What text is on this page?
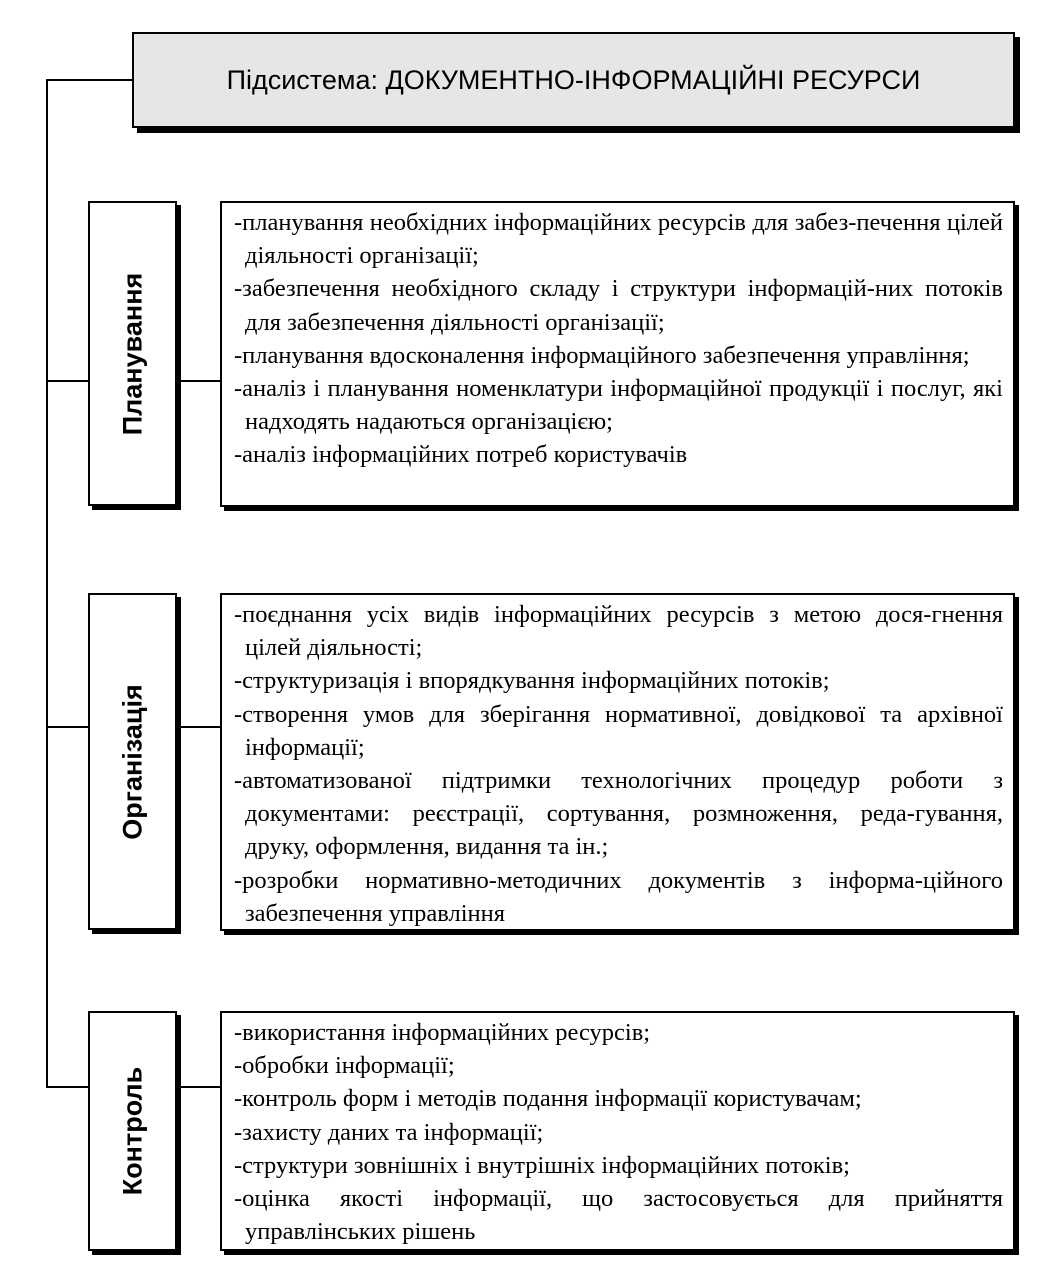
Підсистема: ДОКУМЕНТНО-ІНФОРМАЦІЙНІ РЕСУРСИ
Планування
-планування необхідних інформаційних ресурсів для забез-печення цілей діяльності організації;
-забезпечення необхідного складу і структури інформацій-них потоків для забезпечення діяльності організації;
-планування вдосконалення інформаційного забезпечення управління;
-аналіз і планування номенклатури інформаційної продукції і послуг, які надходять надаються організацією;
-аналіз інформаційних потреб користувачів
Організація
-поєднання усіх видів інформаційних ресурсів з метою дося-гнення цілей діяльності;
-структуризація і впорядкування інформаційних потоків;
-створення умов для зберігання нормативної, довідкової та архівної інформації;
-автоматизованої підтримки технологічних процедур роботи з документами: реєстрації, сортування, розмноження, реда-гування, друку, оформлення, видання та ін.;
-розробки нормативно-методичних документів з інформа-ційного забезпечення управління
Контроль
-використання інформаційних ресурсів;
-обробки інформації;
-контроль форм і методів подання інформації користувачам;
-захисту даних та інформації;
-структури зовнішніх і внутрішніх інформаційних потоків;
-оцінка якості інформації, що застосовується для прийняття управлінських рішень
